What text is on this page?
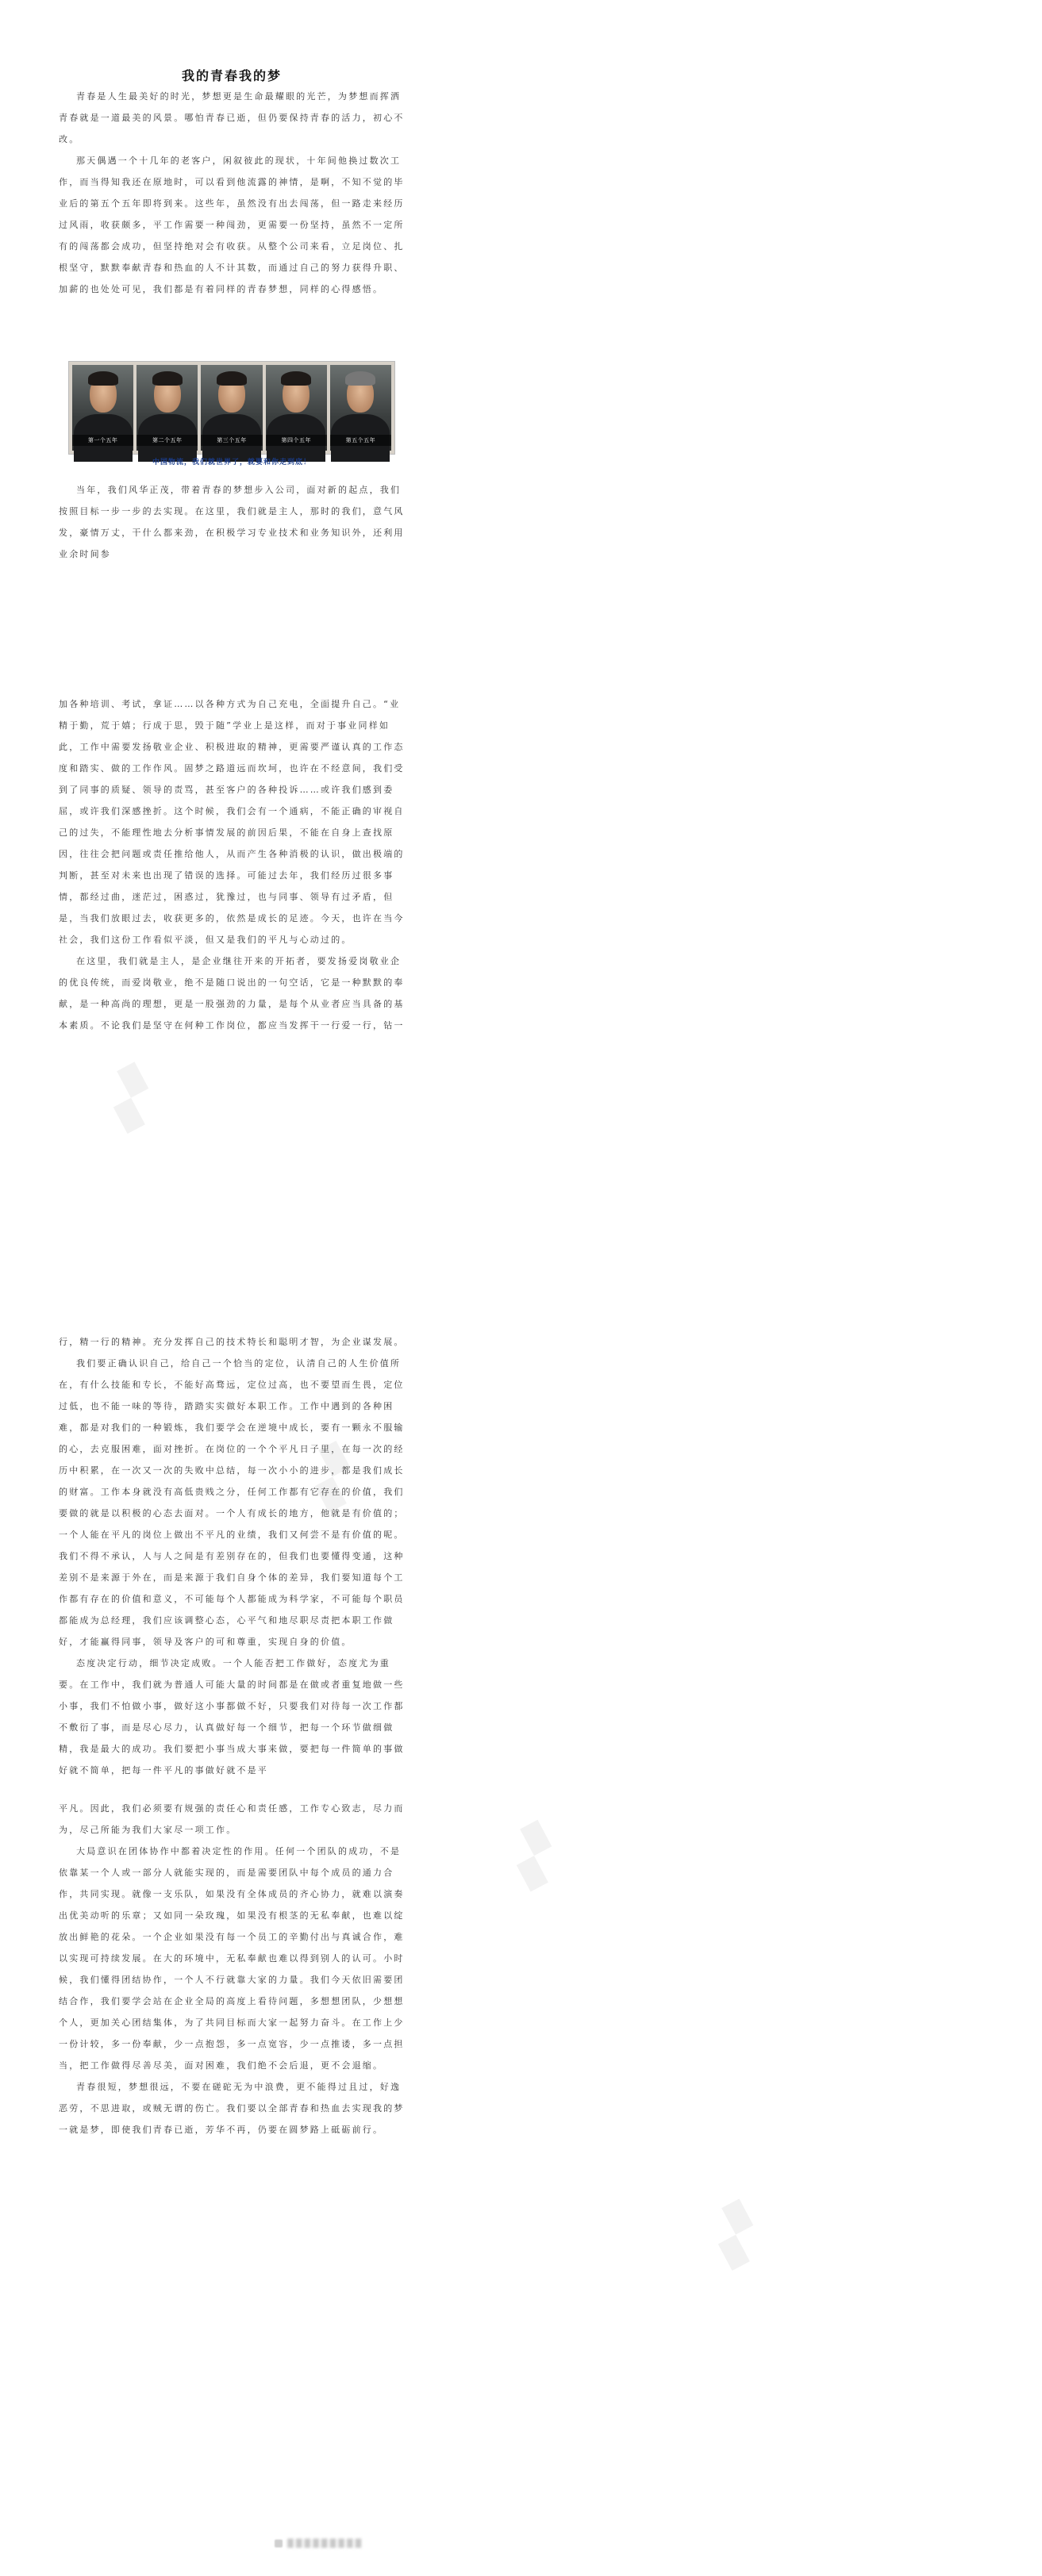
▞
▞
▞
▞
我的青春我的梦

青春是人生最美好的时光，梦想更是生命最耀眼的光芒，为梦想而挥洒青春就是一道最美的风景。哪怕青春已逝，但仍要保持青春的活力，初心不改。

那天偶遇一个十几年的老客户，闲叙彼此的现状，十年间他换过数次工作，而当得知我还在原地时，可以看到他流露的神情，是啊，不知不觉的毕业后的第五个五年即将到来。这些年，虽然没有出去闯荡，但一路走来经历过风雨，收获颇多，平工作需要一种闯劲，更需要一份坚持，虽然不一定所有的闯荡都会成功，但坚持绝对会有收获。从整个公司来看，立足岗位、扎根坚守，默默奉献青春和热血的人不计其数，而通过自己的努力获得升职、加薪的也处处可见，我们都是有着同样的青春梦想，同样的心得感悟。

第一个五年	第二个五年	第三个五年	第四个五年	第五个五年
中国物流，我们就世界了，就要和你走到底！

当年，我们风华正茂，带着青春的梦想步入公司，面对新的起点，我们按照目标一步一步的去实现。在这里，我们就是主人，那时的我们，意气风发，豪情万丈，干什么都来劲，在积极学习专业技术和业务知识外，还利用业余时间参

加各种培训、考试，拿证……以各种方式为自己充电，全面提升自己。“业精于勤，荒于嬉；行成于思，毁于随”学业上是这样，而对于事业同样如此，工作中需要发扬敬业企业、积极进取的精神，更需要严谨认真的工作态度和踏实、做的工作作风。固梦之路道远而坎坷，也许在不经意间，我们受到了同事的质疑、领导的责骂，甚至客户的各种投诉……或许我们感到委屈，或许我们深感挫折。这个时候，我们会有一个通病，不能正确的审视自己的过失，不能理性地去分析事情发展的前因后果，不能在自身上查找原因，往往会把问题或责任推给他人，从而产生各种消极的认识，做出极端的判断，甚至对未来也出现了错误的选择。可能过去年，我们经历过很多事情，都经过曲，迷茫过，困惑过，犹豫过，也与同事、领导有过矛盾，但是，当我们放眼过去，收获更多的，依然是成长的足迹。今天，也许在当今社会，我们这份工作看似平淡，但又是我们的平凡与心动过的。

在这里，我们就是主人，是企业继往开来的开拓者，要发扬爱岗敬业企的优良传统，而爱岗敬业，绝不是随口说出的一句空话，它是一种默默的奉献，是一种高尚的理想，更是一股强劲的力量，是每个从业者应当具备的基本素质。不论我们是坚守在何种工作岗位，都应当发挥干一行爱一行，钻一

行，精一行的精神。充分发挥自己的技术特长和聪明才智，为企业谋发展。

我们要正确认识自己，给自己一个恰当的定位，认清自己的人生价值所在，有什么技能和专长，不能好高骛远，定位过高，也不要望而生畏，定位过低，也不能一味的等待，踏踏实实做好本职工作。工作中遇到的各种困难，都是对我们的一种锻炼，我们要学会在逆境中成长，要有一颗永不服输的心，去克服困难，面对挫折。在岗位的一个个平凡日子里，在每一次的经历中积累，在一次又一次的失败中总结，每一次小小的进步，都是我们成长的财富。工作本身就没有高低贵贱之分，任何工作都有它存在的价值，我们要做的就是以积极的心态去面对。一个人有成长的地方，他就是有价值的；一个人能在平凡的岗位上做出不平凡的业绩，我们又何尝不是有价值的呢。我们不得不承认，人与人之间是有差别存在的，但我们也要懂得变通，这种差别不是来源于外在，而是来源于我们自身个体的差异，我们要知道每个工作都有存在的价值和意义，不可能每个人都能成为科学家，不可能每个职员都能成为总经理，我们应该调整心态，心平气和地尽职尽责把本职工作做好，才能赢得同事，领导及客户的可和尊重，实现自身的价值。

态度决定行动，细节决定成败。一个人能否把工作做好，态度尤为重要。在工作中，我们就为普通人可能大量的时间都是在做或者重复地做一些小事，我们不怕做小事，做好这小事都做不好，只要我们对待每一次工作都不敷衍了事，而是尽心尽力，认真做好每一个细节，把每一个环节做细做精，我是最大的成功。我们要把小事当成大事来做，要把每一件简单的事做好就不简单，把每一件平凡的事做好就不是平

平凡。因此，我们必须要有规强的责任心和责任感，工作专心致志，尽力而为，尽己所能为我们大家尽一项工作。

大局意识在团体协作中都着决定性的作用。任何一个团队的成功，不是依靠某一个人或一部分人就能实现的，而是需要团队中每个成员的通力合作，共同实现。就像一支乐队，如果没有全体成员的齐心协力，就难以演奏出优美动听的乐章；又如同一朵玫瑰，如果没有根茎的无私奉献，也难以绽放出鲜艳的花朵。一个企业如果没有每一个员工的辛勤付出与真诚合作，难以实现可持续发展。在大的环境中，无私奉献也难以得到别人的认可。小时候，我们懂得团结协作，一个人不行就靠大家的力量。我们今天依旧需要团结合作，我们要学会站在企业全局的高度上看待问题，多想想团队，少想想个人，更加关心团结集体，为了共同目标而大家一起努力奋斗。在工作上少一份计较，多一份奉献，少一点抱怨，多一点宽容，少一点推诿，多一点担当，把工作做得尽善尽美，面对困难，我们绝不会后退，更不会退缩。

青春很短，梦想很远，不要在磋砣无为中浪费，更不能得过且过，好逸恶劳，不思进取，或贼无谓的伤亡。我们要以全部青春和热血去实现我的梦一就是梦，即使我们青春已逝，芳华不再，仍要在圆梦路上砥砺前行。

▓▓▓▓▓▓▓▓▓
